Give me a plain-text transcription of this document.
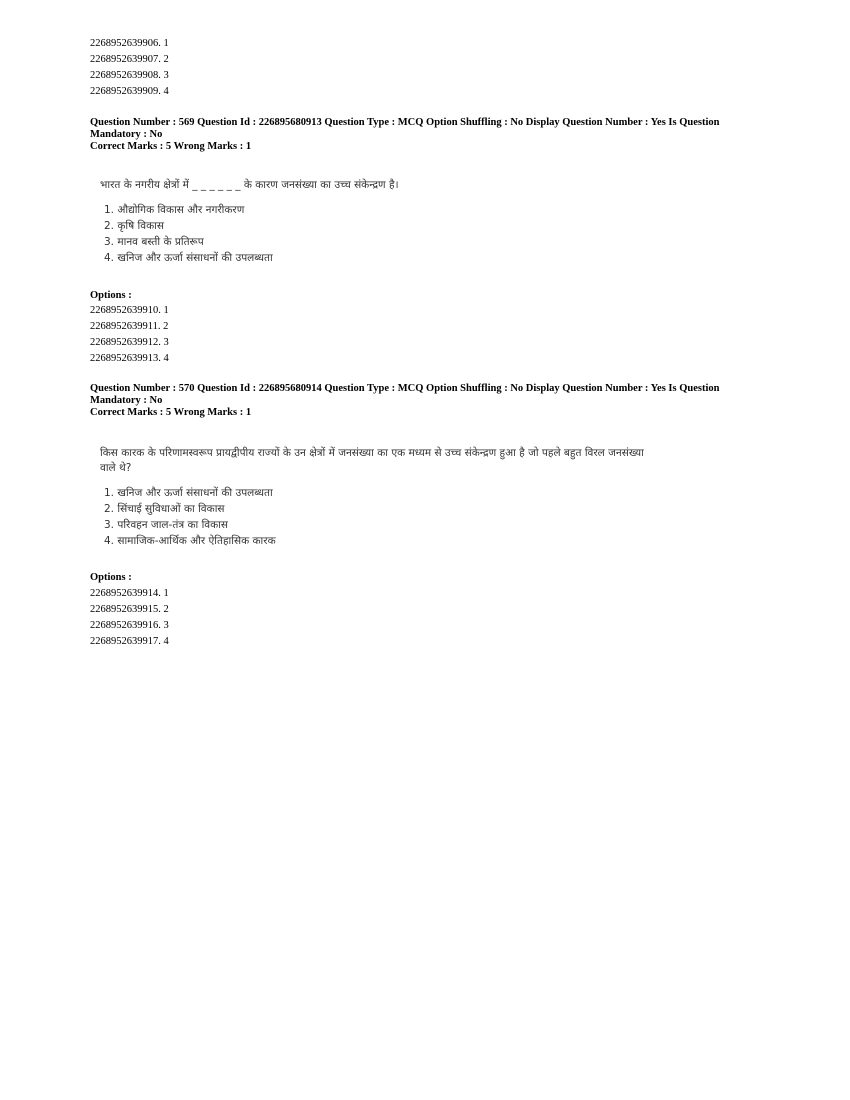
2268952639906. 1
2268952639907. 2
2268952639908. 3
2268952639909. 4
Question Number : 569 Question Id : 226895680913 Question Type : MCQ Option Shuffling : No Display Question Number : Yes Is Question Mandatory : No
Correct Marks : 5 Wrong Marks : 1
भारत के नगरीय क्षेत्रों में _ _ _ _ _ _ के कारण जनसंख्या का उच्च संकेन्द्रण है।
1. औद्योगिक विकास और नगरीकरण
2. कृषि विकास
3. मानव बस्ती के प्रतिरूप
4. खनिज और ऊर्जा संसाधनों की उपलब्धता
Options :
2268952639910. 1
2268952639911. 2
2268952639912. 3
2268952639913. 4
Question Number : 570 Question Id : 226895680914 Question Type : MCQ Option Shuffling : No Display Question Number : Yes Is Question Mandatory : No
Correct Marks : 5 Wrong Marks : 1
किस कारक के परिणामस्वरूप प्रायद्वीपीय राज्यों के उन क्षेत्रों में जनसंख्या का एक मध्यम से उच्च संकेन्द्रण हुआ है जो पहले बहुत विरल जनसंख्या वाले थे?
1. खनिज और ऊर्जा संसाधनों की उपलब्धता
2. सिंचाई सुविधाओं का विकास
3. परिवहन जाल-तंत्र का विकास
4. सामाजिक-आर्थिक और ऐतिहासिक कारक
Options :
2268952639914. 1
2268952639915. 2
2268952639916. 3
2268952639917. 4
